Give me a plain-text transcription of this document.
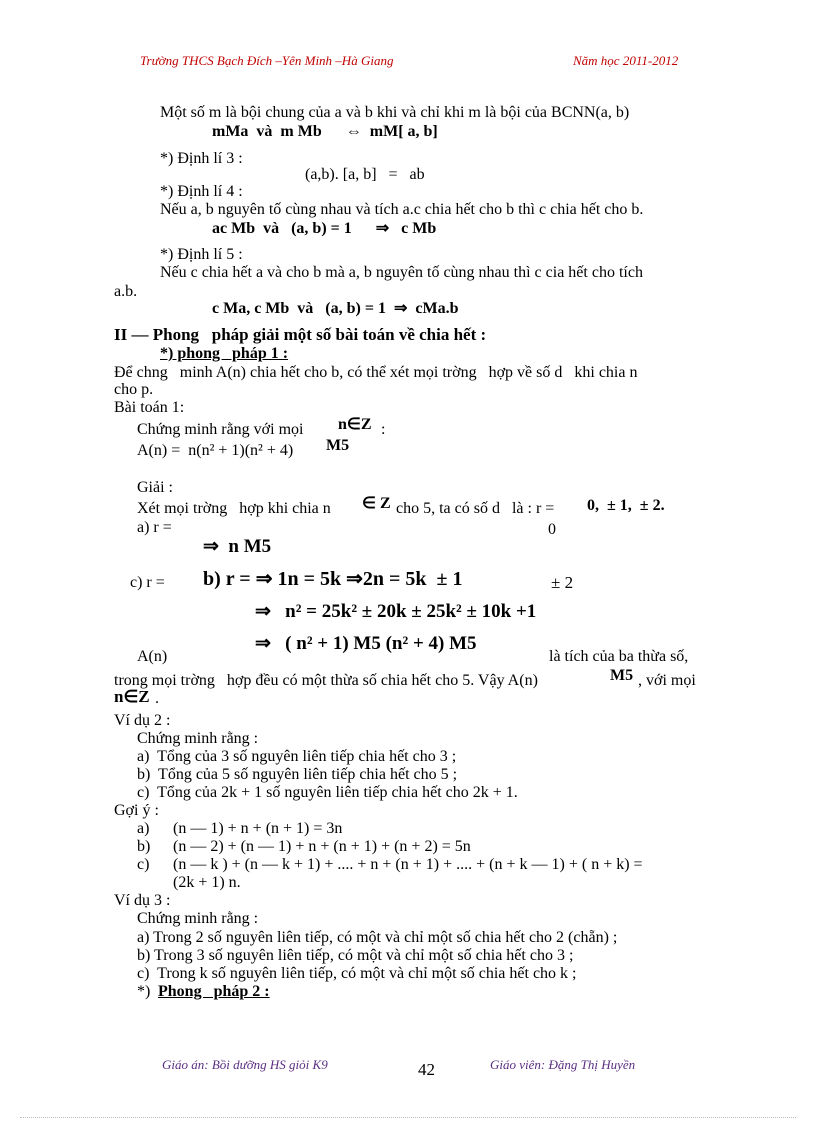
Trường THCS Bạch Đích –Yên Minh –Hà Giang	Năm học 2011-2012
Một số m là bội chung của a và b khi và chỉ khi m là bội của BCNN(a, b)
mMa  và  m Mb      ⇔  mM[ a, b]
*) Định lí 3 :
(a,b). [a, b]   =   ab
*) Định lí 4 :
Nếu a, b nguyên tố cùng nhau và tích a.c chia hết cho b thì c chia hết cho b.
ac Mb  và   (a, b) = 1      ⇒   c Mb
*) Định lí 5 :
Nếu c chia hết a và cho b mà a, b nguyên tố cùng nhau thì c cia hết cho tích
a.b.
c Ma, c Mb  và   (a, b) = 1  ⇒  cMa.b
II — Phong   pháp giải một số bài toán về chia hết :
*) phong   pháp 1 :
Để chng   minh A(n) chia hết cho b, có thể xét mọi trờng   hợp về số d   khi chia n
cho p.
Bài toán 1:
Chứng minh rằng với mọi n∈Z :
A(n) =  n(n² + 1)(n² + 4) M5
Giải :
Xét mọi trờng   hợp khi chia n ∈ Z cho 5, ta có số d   là : r = 0,  ± 1,  ± 2.
a) r =	0
⇒  n M5
c) r = b) r = ⇒ 1n = 5k ⇒2n = 5k  ± 1	± 2
⇒   n² = 25k² ± 20k ± 25k² ± 10k +1
⇒   ( n² + 1) M5 (n² + 4) M5
A(n)	là tích của ba thừa số,
trong mọi trờng   hợp đều có một thừa số chia hết cho 5. Vậy A(n)	M5 , với mọi
n∈Z .
Ví dụ 2 :
Chứng minh rằng :
a)  Tổng của 3 số nguyên liên tiếp chia hết cho 3 ;
b)  Tổng của 5 số nguyên liên tiếp chia hết cho 5 ;
c)  Tổng của 2k + 1 số nguyên liên tiếp chia hết cho 2k + 1.
Gợi ý :
a) (n — 1) + n + (n + 1) = 3n
b) (n — 2) + (n — 1) + n + (n + 1) + (n + 2) = 5n
c) (n — k ) + (n — k + 1) + .... + n + (n + 1) + .... + (n + k — 1) + ( n + k) =
(2k + 1) n.
Ví dụ 3 :
Chứng minh rằng :
a) Trong 2 số nguyên liên tiếp, có một và chỉ một số chia hết cho 2 (chẵn) ;
b) Trong 3 số nguyên liên tiếp, có một và chỉ một số chia hết cho 3 ;
c)  Trong k số nguyên liên tiếp, có một và chỉ một số chia hết cho k ;
*) Phong   pháp 2 :
Giáo án: Bồi dưỡng HS giỏi K9	42	Giáo viên: Đặng Thị Huyền
